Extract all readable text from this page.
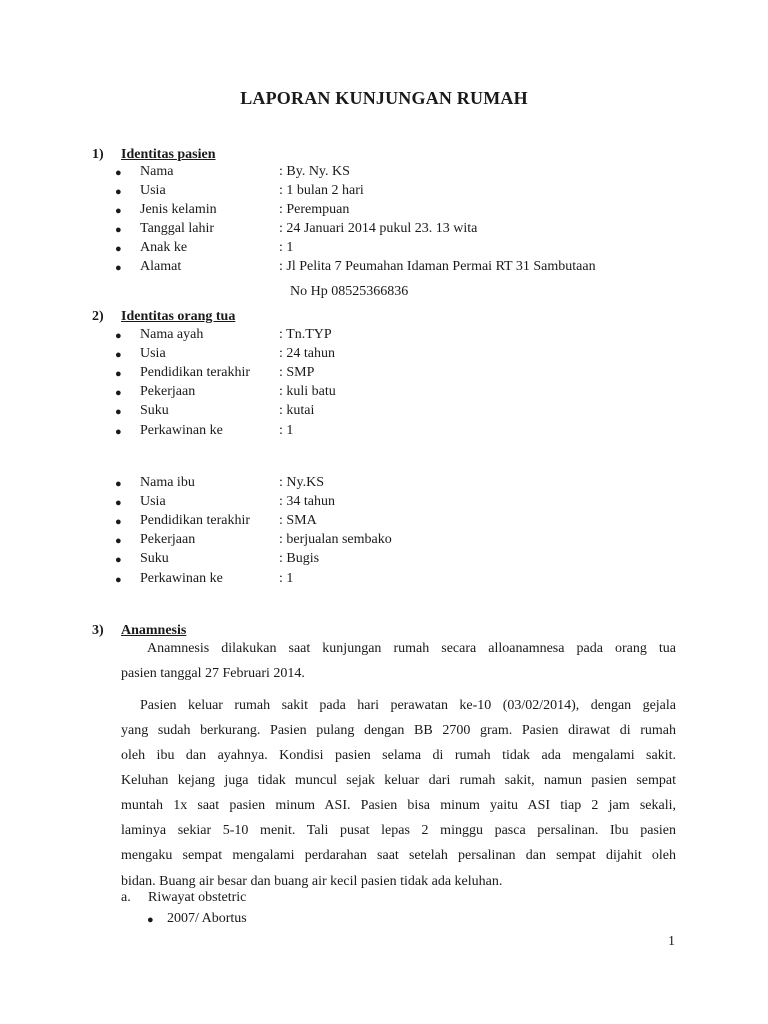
LAPORAN KUNJUNGAN RUMAH
1) Identitas pasien
● Nama	: By. Ny. KS
● Usia	: 1 bulan 2 hari
● Jenis kelamin	: Perempuan
● Tanggal lahir	: 24 Januari 2014 pukul 23. 13 wita
● Anak ke	: 1
● Alamat	: Jl Pelita 7 Peumahan Idaman Permai RT 31 Sambutaan
No Hp 08525366836
2) Identitas orang tua
● Nama ayah	: Tn.TYP
● Usia	: 24 tahun
● Pendidikan terakhir : SMP
● Pekerjaan	: kuli batu
● Suku	: kutai
● Perkawinan ke	: 1
● Nama ibu	: Ny.KS
● Usia	: 34 tahun
● Pendidikan terakhir : SMA
● Pekerjaan	: berjualan sembako
● Suku	: Bugis
● Perkawinan ke	: 1
3) Anamnesis
Anamnesis dilakukan saat kunjungan rumah secara alloanamnesa pada orang tua
pasien tanggal 27 Februari 2014.
Pasien keluar rumah sakit pada hari perawatan ke-10 (03/02/2014), dengan gejala
yang sudah berkurang. Pasien pulang dengan BB 2700 gram. Pasien dirawat di rumah
oleh ibu dan ayahnya. Kondisi pasien selama di rumah tidak ada mengalami sakit.
Keluhan kejang juga tidak muncul sejak keluar dari rumah sakit, namun pasien sempat
muntah 1x saat pasien minum ASI. Pasien bisa minum yaitu ASI tiap 2 jam sekali,
laminya sekiar 5-10 menit. Tali pusat lepas 2 minggu pasca persalinan. Ibu pasien
mengaku sempat mengalami perdarahan saat setelah persalinan dan sempat dijahit oleh
bidan. Buang air besar dan buang air kecil pasien tidak ada keluhan.
a. Riwayat obstetric
● 2007/ Abortus
1
